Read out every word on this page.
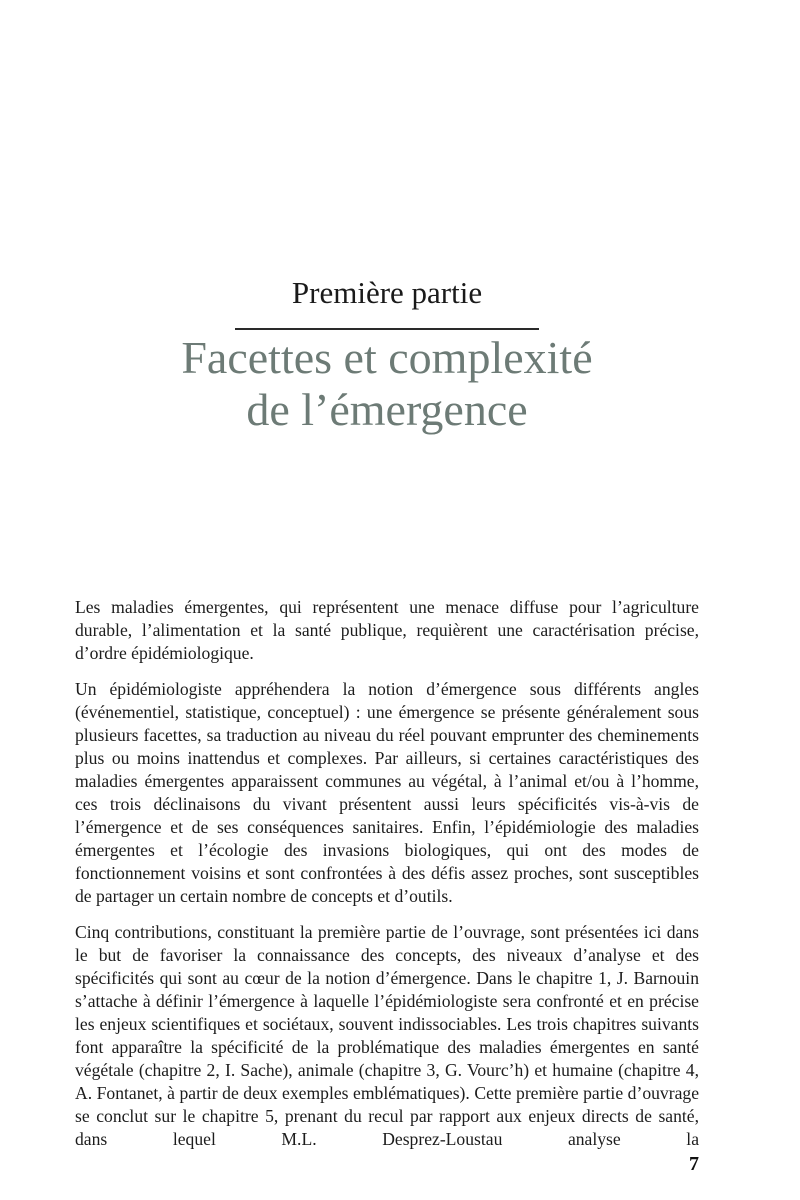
Première partie
Facettes et complexité
de l’émergence

Les maladies émergentes, qui représentent une menace diffuse pour l’agriculture durable, l’alimentation et la santé publique, requièrent une caractérisation précise, d’ordre épidémiologique.

Un épidémiologiste appréhendera la notion d’émergence sous différents angles (événementiel, statistique, conceptuel) : une émergence se présente généralement sous plusieurs facettes, sa traduction au niveau du réel pouvant emprunter des cheminements plus ou moins inattendus et complexes. Par ailleurs, si certaines caractéristiques des maladies émergentes apparaissent communes au végétal, à l’animal et/ou à l’homme, ces trois déclinaisons du vivant présentent aussi leurs spécificités vis-à-vis de l’émergence et de ses conséquences sanitaires. Enfin, l’épidémiologie des maladies émergentes et l’écologie des invasions biologiques, qui ont des modes de fonctionnement voisins et sont confrontées à des défis assez proches, sont susceptibles de partager un certain nombre de concepts et d’outils.

Cinq contributions, constituant la première partie de l’ouvrage, sont présentées ici dans le but de favoriser la connaissance des concepts, des niveaux d’analyse et des spécificités qui sont au cœur de la notion d’émergence. Dans le chapitre 1, J. Barnouin s’attache à définir l’émergence à laquelle l’épidémiologiste sera confronté et en précise les enjeux scientifiques et sociétaux, souvent indissociables. Les trois chapitres suivants font apparaître la spécificité de la problématique des maladies émergentes en santé végétale (chapitre 2, I. Sache), animale (chapitre 3, G. Vourc’h) et humaine (chapitre 4, A. Fontanet, à partir de deux exemples emblématiques). Cette première partie d’ouvrage se conclut sur le chapitre 5, prenant du recul par rapport aux enjeux directs de santé, dans lequel M.L. Desprez-Loustau analyse la

7
